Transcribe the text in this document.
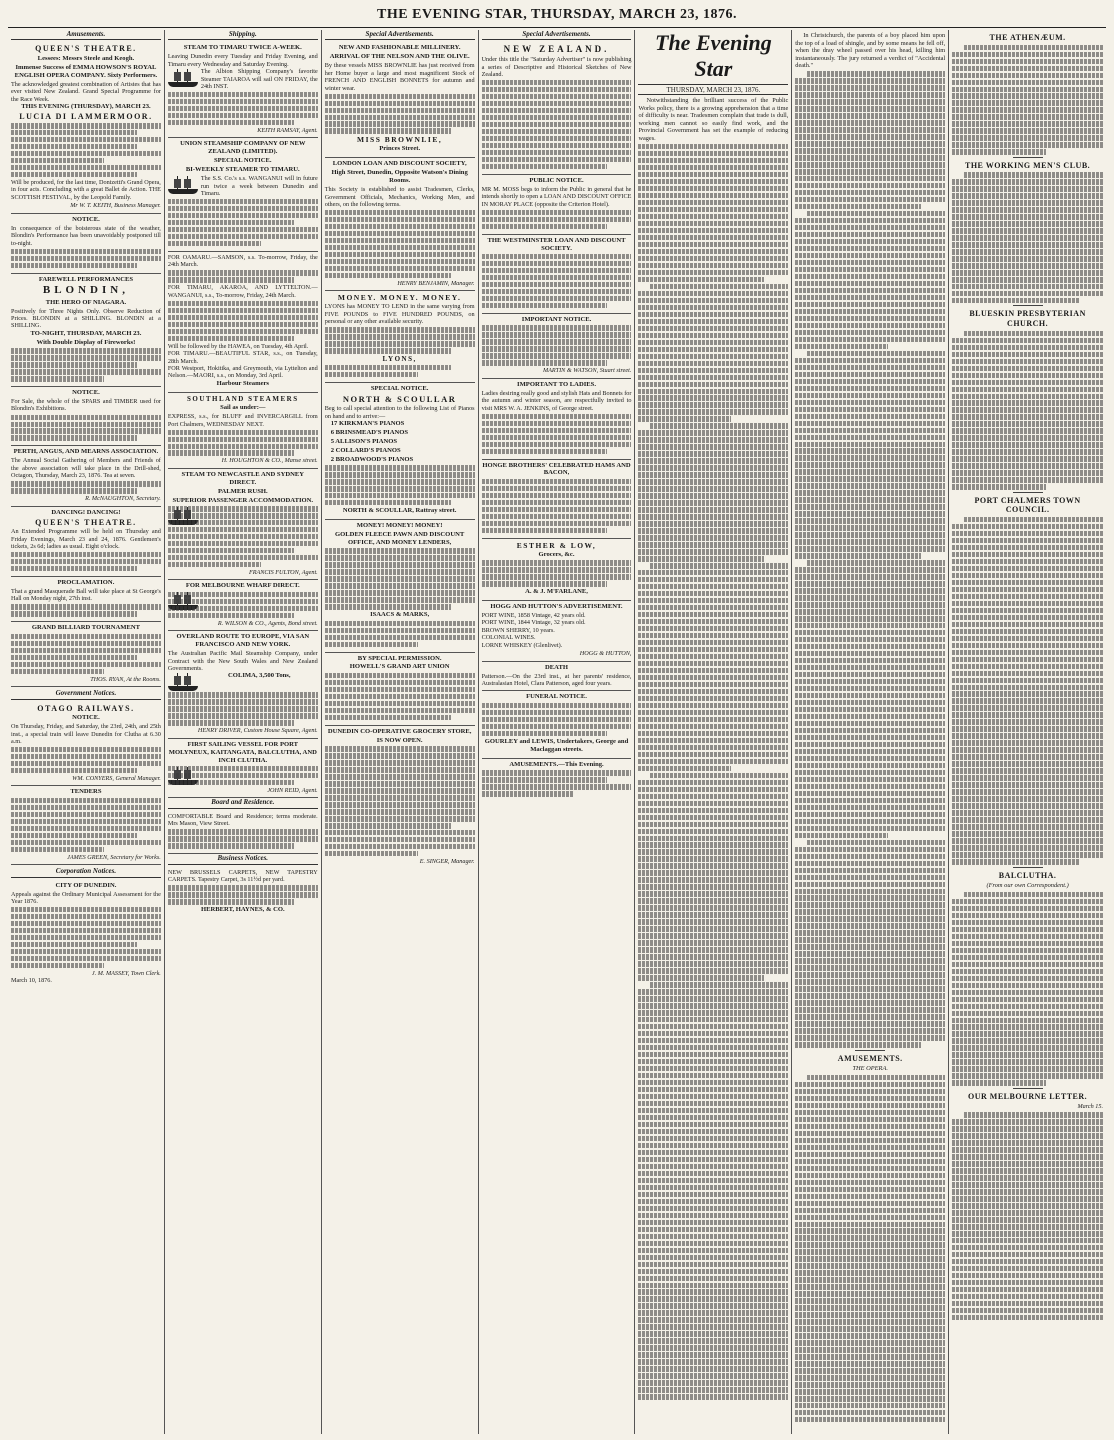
THE EVENING STAR, THURSDAY, MARCH 23, 1876.
Amusements.
QUEEN'S THEATRE.
Lessees: Messrs Steele and Keogh.
Immense Success of EMMA HOWSON'S ROYAL ENGLISH OPERA COMPANY. Sixty Performers.
The acknowledged greatest combination of Artistes that has ever visited New Zealand. Grand Special Programme for the Race Week.
THIS EVENING (THURSDAY), MARCH 23.
LUCIA DI LAMMERMOOR.
Will be produced, for the last time, Donizetti's Grand Opera, in four acts. Concluding with a great Ballet de Action. THE SCOTTISH FESTIVAL, by the Leopold Family.
Mr W. T. KEITH, Business Manager.
NOTICE.
In consequence of the boisterous state of the weather, Blondin's Performance has been unavoidably postponed till to-night.
FAREWELL PERFORMANCES
BLONDIN,
THE HERO OF NIAGARA.
Positively for Three Nights Only. Observe Reduction of Prices. BLONDIN at a SHILLING. BLONDIN at a SHILLING.
TO-NIGHT, THURSDAY, MARCH 23.
With Double Display of Fireworks!
NOTICE.
For Sale, the whole of the SPARS and TIMBER used for Blondin's Exhibitions.
PERTH, ANGUS, AND MEARNS ASSOCIATION.
The Annual Social Gathering of Members and Friends of the above association will take place in the Drill-shed, Octagon, Thursday, March 23, 1876. Tea at seven.
R. McNAUGHTON, Secretary.
DANCING! DANCING!
QUEEN'S THEATRE.
An Extended Programme will be held on Thursday and Friday Evenings, March 23 and 24, 1876. Gentlemen's tickets, 2s 6d; ladies as usual. Eight o'clock.
PROCLAMATION.
That a grand Masquerade Ball will take place at St George's Hall on Monday night, 27th inst.
GRAND BILLIARD TOURNAMENT
THOS. RYAN, At the Rooms.
Government Notices.
OTAGO RAILWAYS.
NOTICE.
On Thursday, Friday, and Saturday, the 23rd, 24th, and 25th inst., a special train will leave Dunedin for Clutha at 6.30 a.m.
WM. CONYERS, General Manager.
TENDERS
JAMES GREEN, Secretary for Works.
Corporation Notices.
CITY OF DUNEDIN.
Appeals against the Ordinary Municipal Assessment for the Year 1876.
J. M. MASSEY, Town Clerk.
March 10, 1876.
Shipping.
STEAM TO TIMARU TWICE A-WEEK.
Leaving Dunedin every Tuesday and Friday Evening, and Timaru every Wednesday and Saturday Evening.
The Albion Shipping Company's favorite Steamer TAIAROA will sail ON FRIDAY, the 24th INST.
KEITH RAMSAY, Agent.
UNION STEAMSHIP COMPANY OF NEW ZEALAND (LIMITED).
SPECIAL NOTICE.
BI-WEEKLY STEAMER TO TIMARU.
The S.S. Co.'s s.s. WANGANUI will in future run twice a week between Dunedin and Timaru.
FOR OAMARU.—SAMSON, s.s. To-morrow, Friday, the 24th March.
FOR TIMARU, AKAROA, AND LYTTELTON.—WANGANUI, s.s., To-morrow, Friday, 24th March.
Will be followed by the HAWEA, on Tuesday, 4th April.
FOR TIMARU.—BEAUTIFUL STAR, s.s., on Tuesday, 28th March.
FOR Westport, Hokitika, and Greymouth, via Lyttelton and Nelson.—MAORI, s.s., on Monday, 3rd April.
Harbour Steamers
SOUTHLAND STEAMERS
Sail as under:—
EXPRESS, s.s., for BLUFF and INVERCARGILL from Port Chalmers, WEDNESDAY NEXT.
H. HOUGHTON & CO., Manse street.
STEAM TO NEWCASTLE AND SYDNEY DIRECT.
PALMER RUSH.
SUPERIOR PASSENGER ACCOMMODATION.
FRANCIS FULTON, Agent.
FOR MELBOURNE WHARF DIRECT.
R. WILSON & CO., Agents, Bond street.
OVERLAND ROUTE TO EUROPE, VIA SAN FRANCISCO AND NEW YORK.
The Australian Pacific Mail Steamship Company, under Contract with the New South Wales and New Zealand Governments.
COLIMA, 3,500 Tons,
HENRY DRIVER, Custom House Square, Agent.
FIRST SAILING VESSEL FOR PORT MOLYNEUX, KAITANGATA, BALCLUTHA, AND INCH CLUTHA.
JOHN REID, Agent.
Board and Residence.
COMFORTABLE Board and Residence; terms moderate. Mrs Mason, View Street.
Business Notices.
NEW BRUSSELS CARPETS, NEW TAPESTRY CARPETS. Tapestry Carpet, 3s 11½d per yard.
HERBERT, HAYNES, & CO.
Special Advertisements.
NEW AND FASHIONABLE MILLINERY.
ARRIVAL OF THE NELSON AND THE OLIVE.
By these vessels MISS BROWNLIE has just received from her Home buyer a large and most magnificent Stock of FRENCH AND ENGLISH BONNETS for autumn and winter wear.
MISS BROWNLIE,
Princes Street.
LONDON LOAN AND DISCOUNT SOCIETY,
High Street, Dunedin, Opposite Watson's Dining Rooms.
This Society is established to assist Tradesmen, Clerks, Government Officials, Mechanics, Working Men, and others, on the following terms.
HENRY BENJAMIN, Manager.
MONEY. MONEY. MONEY.
LYONS has MONEY TO LEND in the same varying from FIVE POUNDS to FIVE HUNDRED POUNDS, on personal or any other available security.
LYONS,
SPECIAL NOTICE.
NORTH & SCOULLAR
Beg to call special attention to the following List of Pianos on hand and to arrive:—
17 KIRKMAN'S PIANOS
6 BRINSMEAD'S PIANOS
5 ALLISON'S PIANOS
2 COLLARD'S PIANOS
2 BROADWOOD'S PIANOS
NORTH & SCOULLAR, Rattray street.
MONEY! MONEY! MONEY!
GOLDEN FLEECE PAWN AND DISCOUNT OFFICE, AND MONEY LENDERS,
ISAACS & MARKS,
BY SPECIAL PERMISSION.
HOWELL'S GRAND ART UNION
DUNEDIN CO-OPERATIVE GROCERY STORE,
IS NOW OPEN.
E. SINGER, Manager.
Special Advertisements.
NEW ZEALAND.
Under this title the "Saturday Advertiser" is now publishing a series of Descriptive and Historical Sketches of New Zealand.
PUBLIC NOTICE.
MR M. MOSS begs to inform the Public in general that he intends shortly to open a LOAN AND DISCOUNT OFFICE IN MORAY PLACE (opposite the Criterion Hotel).
THE WESTMINSTER LOAN AND DISCOUNT SOCIETY.
IMPORTANT NOTICE.
MARTIN & WATSON, Stuart street.
IMPORTANT TO LADIES.
Ladies desiring really good and stylish Hats and Bonnets for the autumn and winter season, are respectfully invited to visit MRS W. A. JENKINS, of George street.
HONGE BROTHERS' CELEBRATED HAMS AND BACON,
ESTHER & LOW,
Grocers, &c.
A. & J. M'FARLANE,
HOGG AND HUTTON'S ADVERTISEMENT.
PORT WINE, 1858 Vintage, 42 years old.
PORT WINE, 1844 Vintage, 32 years old.
BROWN SHERRY, 10 years.
COLONIAL WINES.
LORNE WHISKEY (Glenlivet).
HOGG & HUTTON,
DEATH
Patterson.—On the 23rd inst., at her parents' residence, Australasian Hotel, Clara Patterson, aged four years.
FUNERAL NOTICE.
GOURLEY and LEWIS, Undertakers, George and Maclaggan streets.
AMUSEMENTS.—This Evening.
The Evening Star
THURSDAY, MARCH 23, 1876.
Notwithstanding the brilliant success of the Public Works policy, there is a growing apprehension that a time of difficulty is near. Tradesmen complain that trade is dull, working men cannot so easily find work, and the Provincial Government has set the example of reducing wages.
In Christchurch, the parents of a boy placed him upon the top of a load of shingle, and by some means he fell off, when the dray wheel passed over his head, killing him instantaneously. The jury returned a verdict of "Accidental death."
AMUSEMENTS.
THE OPERA.
THE ATHENÆUM.
THE WORKING MEN'S CLUB.
BLUESKIN PRESBYTERIAN CHURCH.
PORT CHALMERS TOWN COUNCIL.
BALCLUTHA.
(From our own Correspondent.)
OUR MELBOURNE LETTER.
March 15.
